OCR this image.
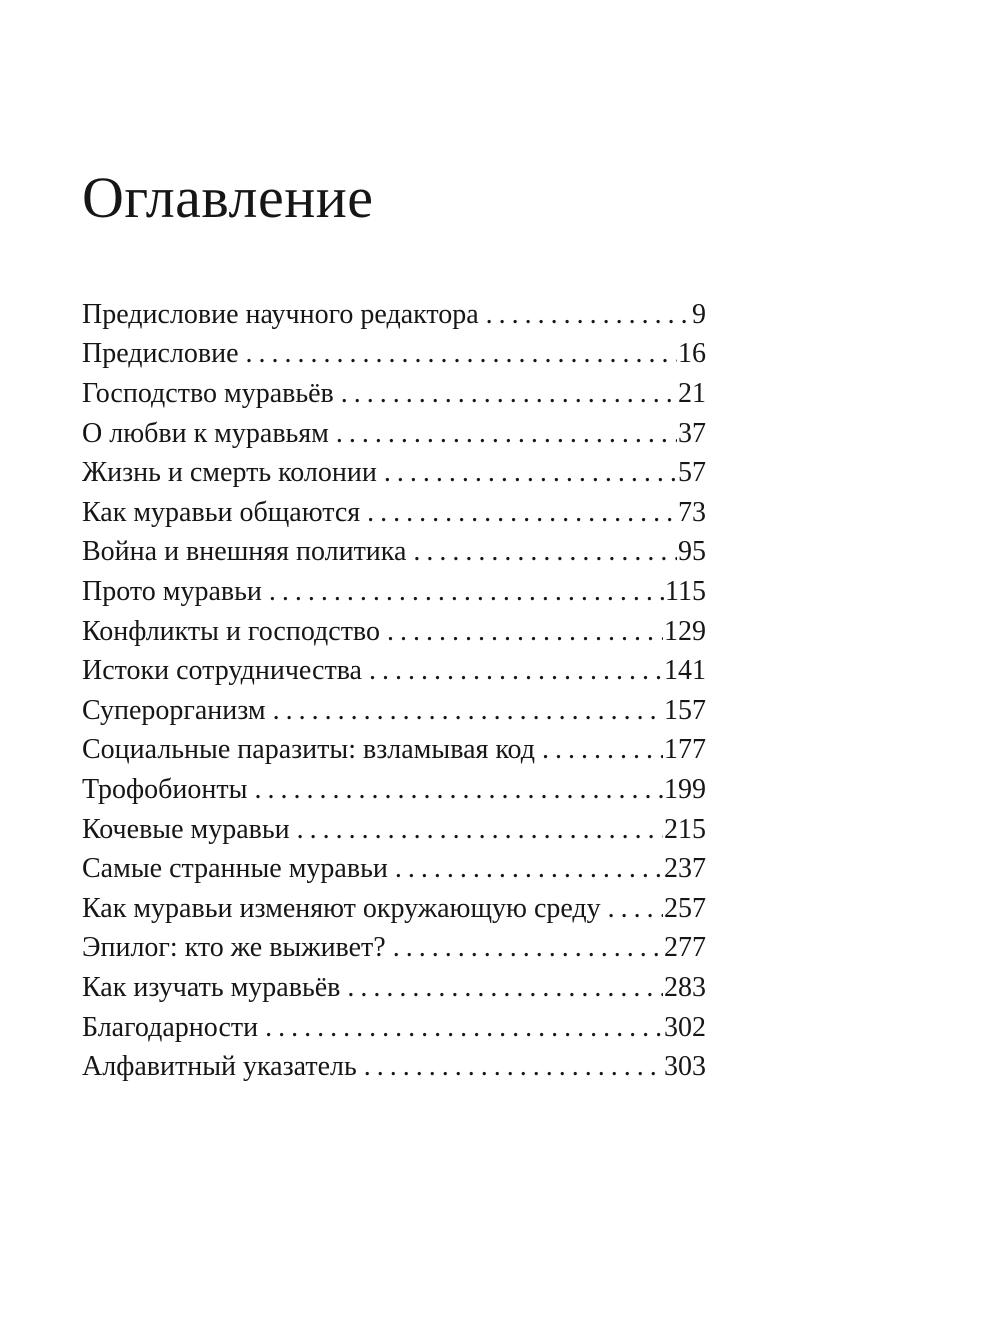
Оглавление
Предисловие научного редактора . . .	9
Предисловие . . .	16
Господство муравьёв . . .	21
О любви к муравьям . . .	37
Жизнь и смерть колонии . . .	57
Как муравьи общаются . . .	73
Война и внешняя политика . . .	95
Прото муравьи . . .	115
Конфликты и господство . . .	129
Истоки сотрудничества . . .	141
Суперорганизм . . .	157
Социальные паразиты: взламывая код . . .	177
Трофобионты . . .	199
Кочевые муравьи . . .	215
Самые странные муравьи . . .	237
Как муравьи изменяют окружающую среду . . . 257
Эпилог: кто же выживет? . . .	277
Как изучать муравьёв . . .	283
Благодарности . . .	302
Алфавитный указатель . . .	303
